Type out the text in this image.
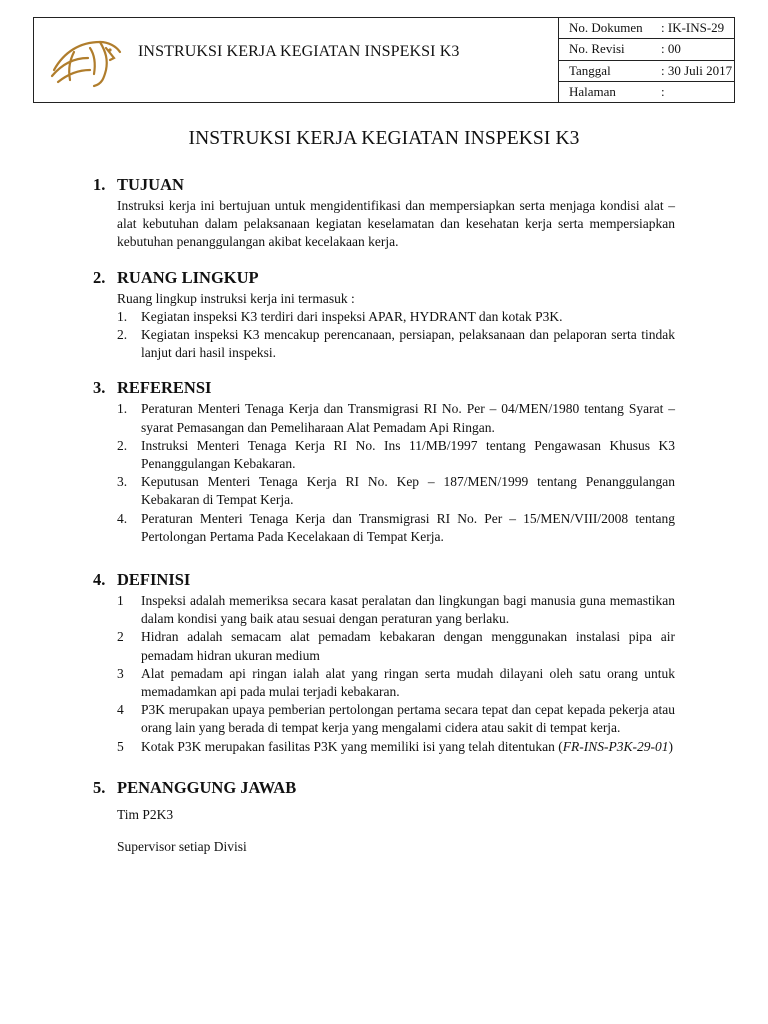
INSTRUKSI KERJA KEGIATAN INSPEKSI K3
No. Dokumen	: IK-INS-29
No. Revisi	: 00
Tanggal	: 30 Juli 2017
Halaman	:
INSTRUKSI KERJA KEGIATAN INSPEKSI K3
1. TUJUAN
Instruksi kerja ini bertujuan untuk mengidentifikasi dan mempersiapkan serta menjaga kondisi alat – alat kebutuhan dalam pelaksanaan kegiatan keselamatan dan kesehatan kerja serta mempersiapkan kebutuhan penanggulangan akibat kecelakaan kerja.
2. RUANG LINGKUP
Ruang lingkup instruksi kerja ini termasuk :
1.	Kegiatan inspeksi K3 terdiri dari inspeksi APAR, HYDRANT dan kotak P3K.
2.	Kegiatan inspeksi K3 mencakup perencanaan, persiapan, pelaksanaan dan pelaporan serta tindak lanjut dari hasil inspeksi.
3. REFERENSI
1.	Peraturan Menteri Tenaga Kerja dan Transmigrasi RI No. Per – 04/MEN/1980 tentang Syarat – syarat Pemasangan dan Pemeliharaan Alat Pemadam Api Ringan.
2.	Instruksi Menteri Tenaga Kerja RI No. Ins 11/MB/1997 tentang Pengawasan Khusus K3 Penanggulangan Kebakaran.
3.	Keputusan Menteri Tenaga Kerja RI No. Kep – 187/MEN/1999 tentang Penanggulangan Kebakaran di Tempat Kerja.
4.	Peraturan Menteri Tenaga Kerja dan Transmigrasi RI No. Per – 15/MEN/VIII/2008 tentang Pertolongan Pertama Pada Kecelakaan di Tempat Kerja.
4. DEFINISI
1	Inspeksi adalah memeriksa secara kasat peralatan dan lingkungan bagi manusia guna memastikan dalam kondisi yang baik atau sesuai dengan peraturan yang berlaku.
2	Hidran adalah semacam alat pemadam kebakaran dengan menggunakan instalasi pipa air pemadam hidran ukuran medium
3	Alat pemadam api ringan ialah alat yang ringan serta mudah dilayani oleh satu orang untuk memadamkan api pada mulai terjadi kebakaran.
4	P3K merupakan upaya pemberian pertolongan pertama secara tepat dan cepat kepada pekerja atau orang lain yang berada di tempat kerja yang mengalami cidera atau sakit di tempat kerja.
5	Kotak P3K merupakan fasilitas P3K yang memiliki isi yang telah ditentukan (FR-INS-P3K-29-01)
5. PENANGGUNG JAWAB

Tim P2K3

Supervisor setiap Divisi
